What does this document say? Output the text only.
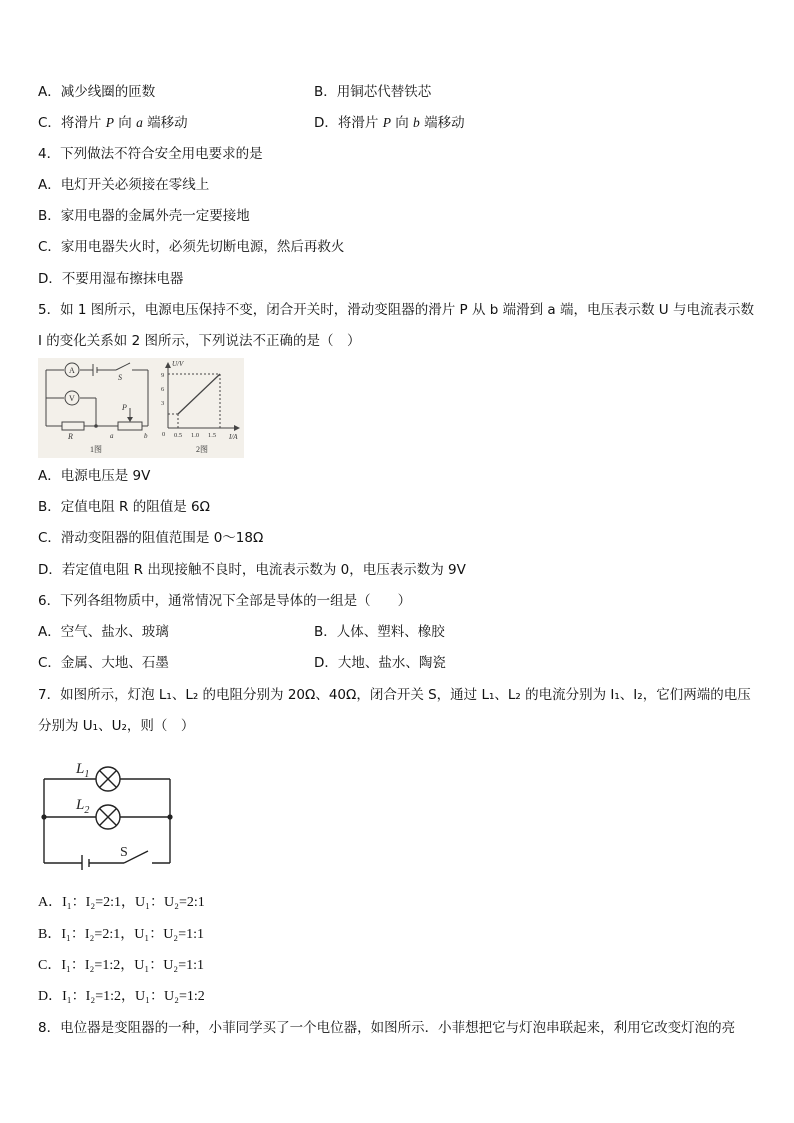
A．减少线圈的匝数	B．用铜芯代替铁芯
C．将滑片 P 向 a 端移动	D．将滑片 P 向 b 端移动
4．下列做法不符合安全用电要求的是
A．电灯开关必须接在零线上
B．家用电器的金属外壳一定要接地
C．家用电器失火时，必须先切断电源，然后再救火
D．不要用湿布擦抹电器
5．如 1 图所示，电源电压保持不变，闭合开关时，滑动变阻器的滑片 P 从 b 端滑到 a 端，电压表示数 U 与电流表示数
I 的变化关系如 2 图所示，下列说法不正确的是（　）
A
V
S
R
P
a	b
1图
U/V
I/A
9
6
3
0 0.5 1.0 1.5
2图
A．电源电压是 9V
B．定值电阻 R 的阻值是 6Ω
C．滑动变阻器的阻值范围是 0～18Ω
D．若定值电阻 R 出现接触不良时，电流表示数为 0，电压表示数为 9V
6．下列各组物质中，通常情况下全部是导体的一组是（　　）
A．空气、盐水、玻璃	B．人体、塑料、橡胶
C．金属、大地、石墨	D．大地、盐水、陶瓷
7．如图所示，灯泡 L₁、L₂ 的电阻分别为 20Ω、40Ω，闭合开关 S，通过 L₁、L₂ 的电流分别为 I₁、I₂，它们两端的电压
分别为 U₁、U₂，则（　）
$L_1$
$L_2$
S
A．I₁：I₂=2:1，U₁：U₂=2:1
B．I₁：I₂=2:1，U₁：U₂=1:1
C．I₁：I₂=1:2，U₁：U₂=1:1
D．I₁：I₂=1:2，U₁：U₂=1:2
8．电位器是变阻器的一种，小菲同学买了一个电位器，如图所示．小菲想把它与灯泡串联起来，利用它改变灯泡的亮
